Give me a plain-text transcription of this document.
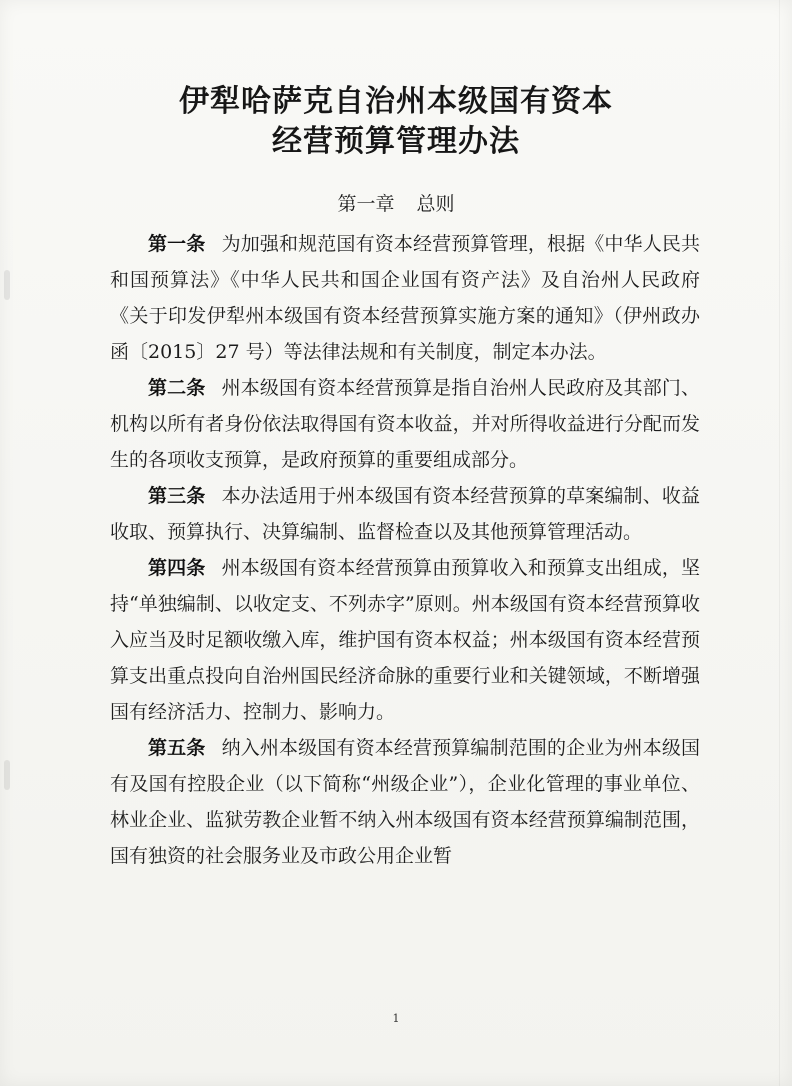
伊犁哈萨克自治州本级国有资本
经营预算管理办法
第一章 总则

第一条 为加强和规范国有资本经营预算管理，根据《中华人民共和国预算法》《中华人民共和国企业国有资产法》及自治州人民政府《关于印发伊犁州本级国有资本经营预算实施方案的通知》（伊州政办函〔2015〕27 号）等法律法规和有关制度，制定本办法。

第二条 州本级国有资本经营预算是指自治州人民政府及其部门、机构以所有者身份依法取得国有资本收益，并对所得收益进行分配而发生的各项收支预算，是政府预算的重要组成部分。

第三条 本办法适用于州本级国有资本经营预算的草案编制、收益收取、预算执行、决算编制、监督检查以及其他预算管理活动。

第四条 州本级国有资本经营预算由预算收入和预算支出组成，坚持“单独编制、以收定支、不列赤字”原则。州本级国有资本经营预算收入应当及时足额收缴入库，维护国有资本权益；州本级国有资本经营预算支出重点投向自治州国民经济命脉的重要行业和关键领域，不断增强国有经济活力、控制力、影响力。

第五条 纳入州本级国有资本经营预算编制范围的企业为州本级国有及国有控股企业（以下简称“州级企业”），企业化管理的事业单位、林业企业、监狱劳教企业暂不纳入州本级国有资本经营预算编制范围，国有独资的社会服务业及市政公用企业暂

1
